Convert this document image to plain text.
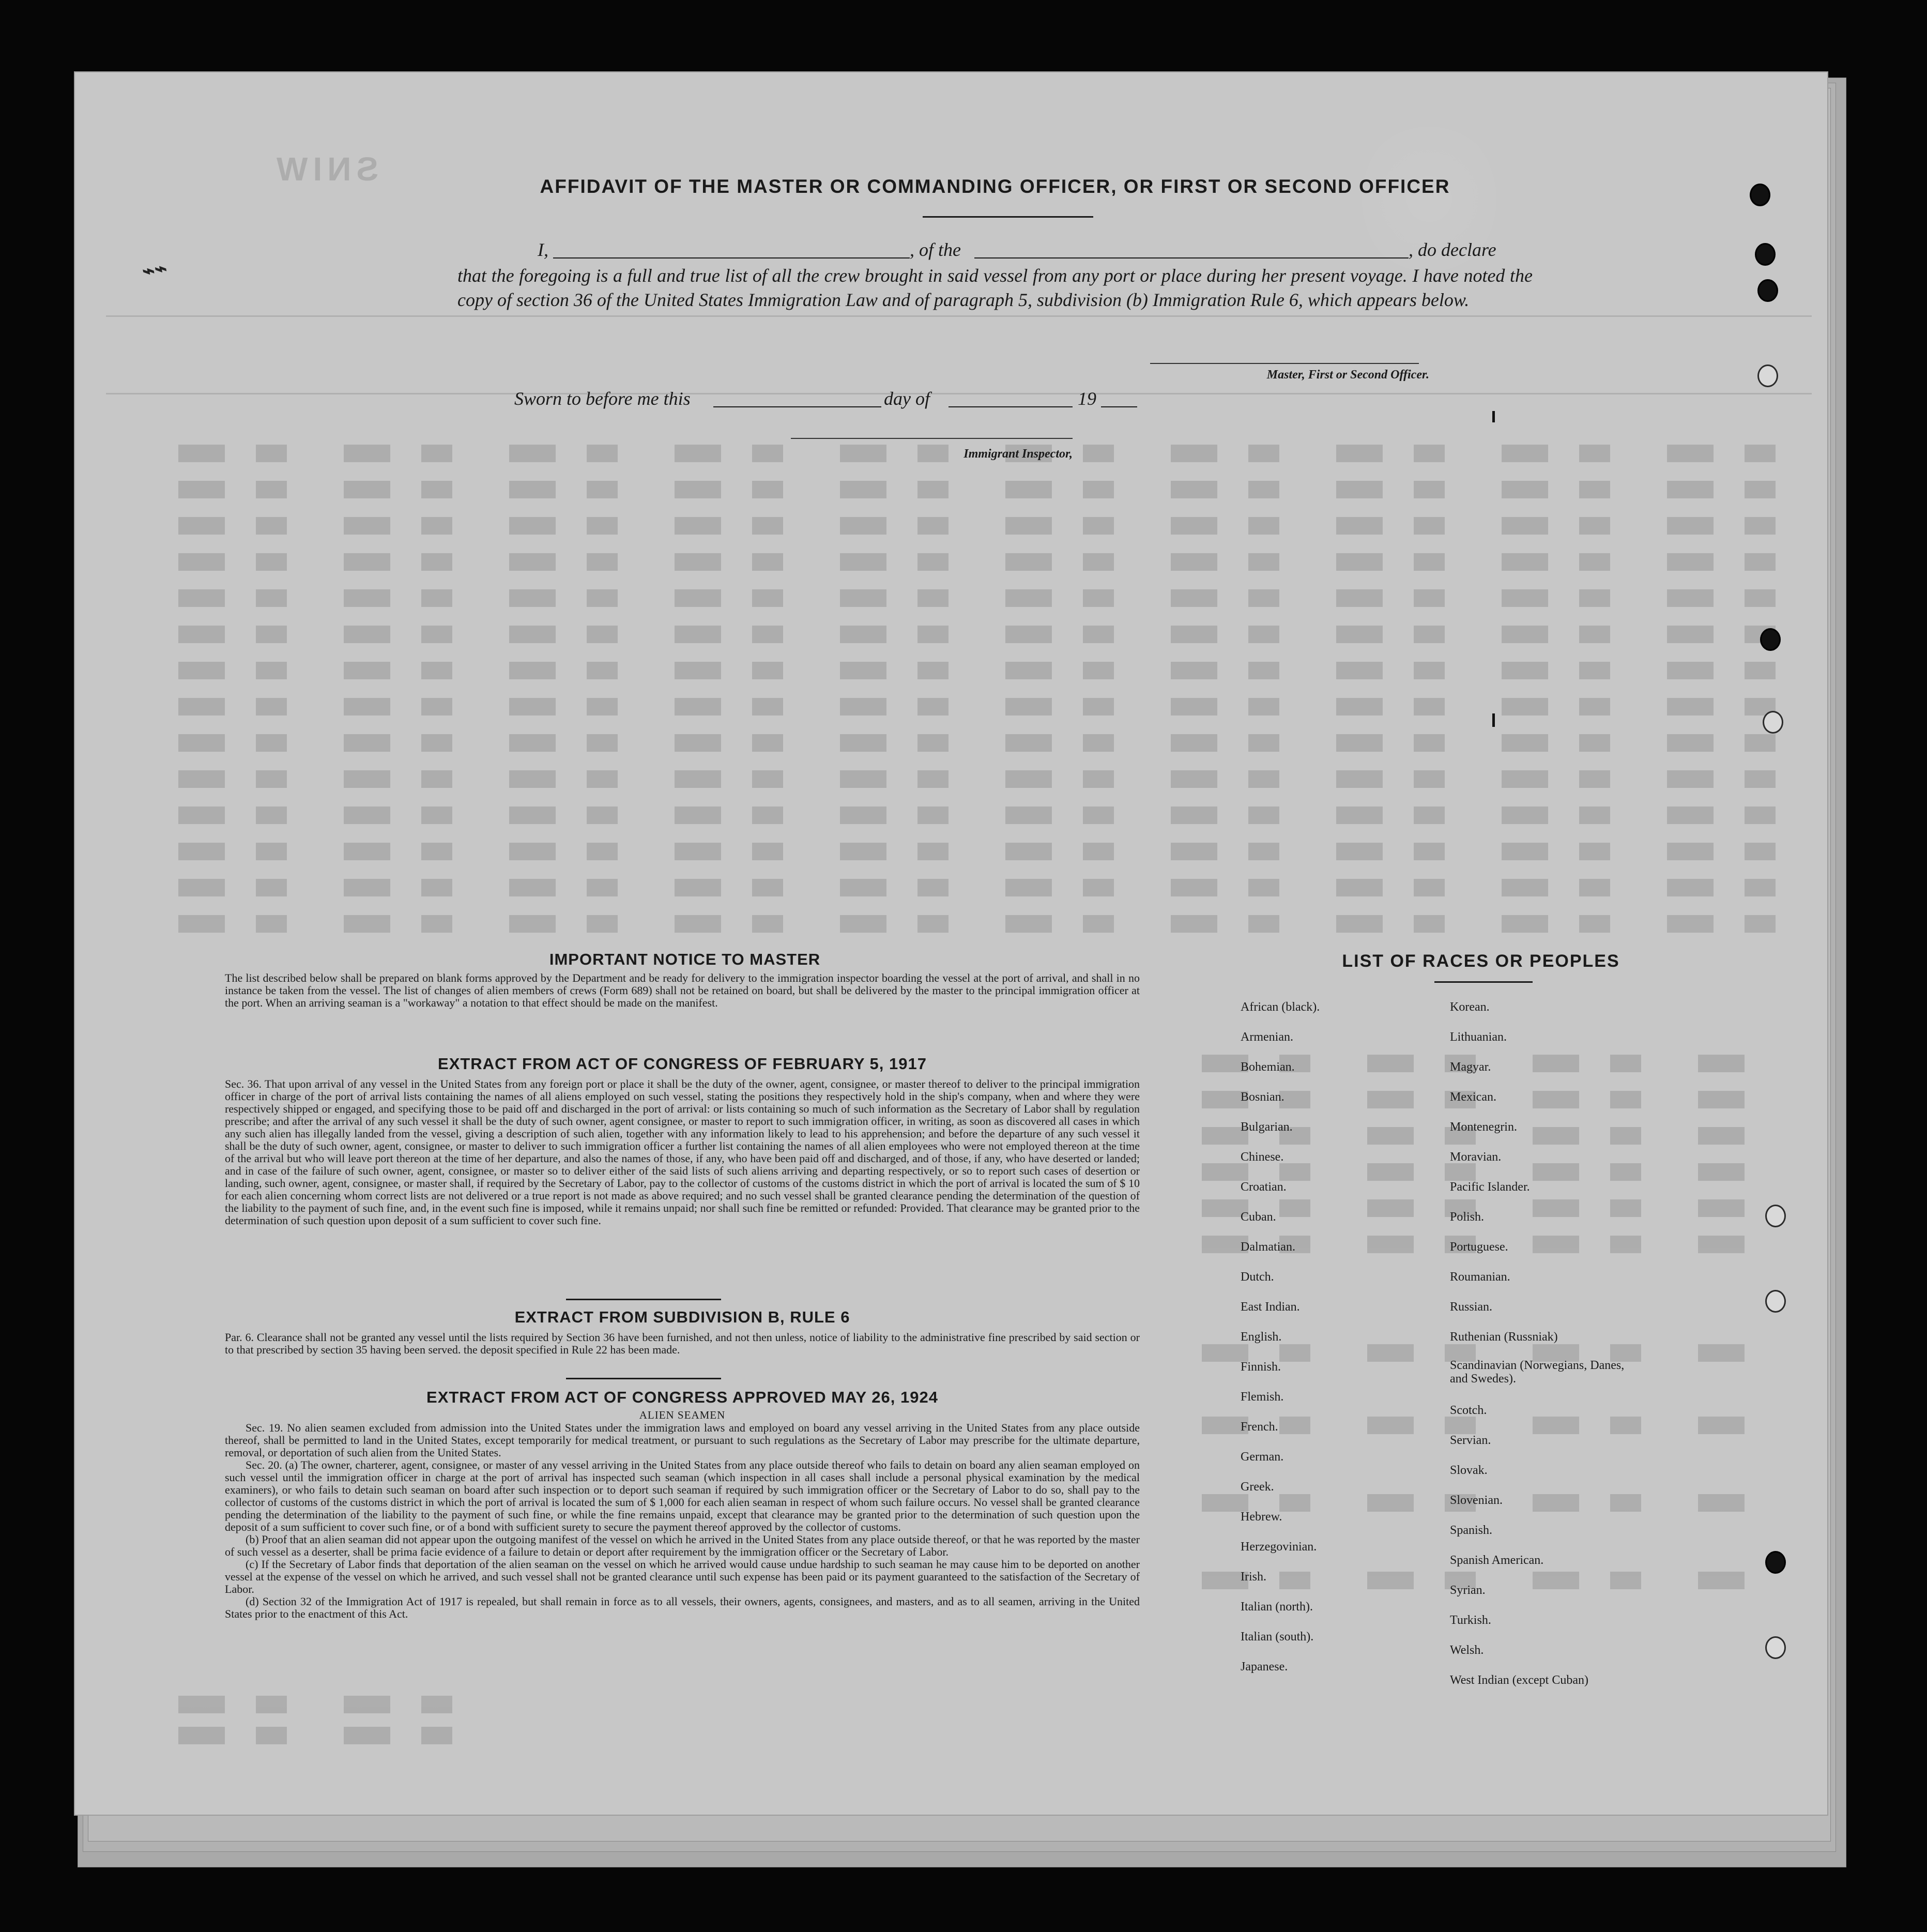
SNIW
⌁⌁
AFFIDAVIT OF THE MASTER OR COMMANDING OFFICER, OR FIRST OR SECOND OFFICER
I,	, of the	, do declare
that the foregoing is a full and true list of all the crew brought in said vessel from any port or place during her present voyage. I have noted the copy of section 36 of the United States Immigration Law and of paragraph 5, subdivision (b) Immigration Rule 6, which appears below.
Master, First or Second Officer.
Sworn to before me this	day of	19
Immigrant Inspector,
IMPORTANT NOTICE TO MASTER
The list described below shall be prepared on blank forms approved by the Department and be ready for delivery to the immigration inspector boarding the vessel at the port of arrival, and shall in no instance be taken from the vessel. The list of changes of alien members of crews (Form 689) shall not be retained on board, but shall be delivered by the master to the principal immigration officer at the port. When an arriving seaman is a "workaway" a notation to that effect should be made on the manifest.
EXTRACT FROM ACT OF CONGRESS OF FEBRUARY 5, 1917
Sec. 36. That upon arrival of any vessel in the United States from any foreign port or place it shall be the duty of the owner, agent, consignee, or master thereof to deliver to the principal immigration officer in charge of the port of arrival lists containing the names of all aliens employed on such vessel, stating the positions they respectively hold in the ship's company, when and where they were respectively shipped or engaged, and specifying those to be paid off and discharged in the port of arrival: or lists containing so much of such information as the Secretary of Labor shall by regulation prescribe; and after the arrival of any such vessel it shall be the duty of such owner, agent consignee, or master to report to such immigration officer, in writing, as soon as discovered all cases in which any such alien has illegally landed from the vessel, giving a description of such alien, together with any information likely to lead to his apprehension; and before the departure of any such vessel it shall be the duty of such owner, agent, consignee, or master to deliver to such immigration officer a further list containing the names of all alien employees who were not employed thereon at the time of the arrival but who will leave port thereon at the time of her departure, and also the names of those, if any, who have been paid off and discharged, and of those, if any, who have deserted or landed; and in case of the failure of such owner, agent, consignee, or master so to deliver either of the said lists of such aliens arriving and departing respectively, or so to report such cases of desertion or landing, such owner, agent, consignee, or master shall, if required by the Secretary of Labor, pay to the collector of customs of the customs district in which the port of arrival is located the sum of $ 10 for each alien concerning whom correct lists are not delivered or a true report is not made as above required; and no such vessel shall be granted clearance pending the determination of the question of the liability to the payment of such fine, and, in the event such fine is imposed, while it remains unpaid; nor shall such fine be remitted or refunded: Provided. That clearance may be granted prior to the determination of such question upon deposit of a sum sufficient to cover such fine.
EXTRACT FROM SUBDIVISION B, RULE 6
Par. 6. Clearance shall not be granted any vessel until the lists required by Section 36 have been furnished, and not then unless, notice of liability to the administrative fine prescribed by said section or to that prescribed by section 35 having been served. the deposit specified in Rule 22 has been made.
EXTRACT FROM ACT OF CONGRESS APPROVED MAY 26, 1924
ALIEN SEAMEN

Sec. 19. No alien seamen excluded from admission into the United States under the immigration laws and employed on board any vessel arriving in the United States from any place outside thereof, shall be permitted to land in the United States, except temporarily for medical treatment, or pursuant to such regulations as the Secretary of Labor may prescribe for the ultimate departure, removal, or deportation of such alien from the United States.

Sec. 20. (a) The owner, charterer, agent, consignee, or master of any vessel arriving in the United States from any place outside thereof who fails to detain on board any alien seaman employed on such vessel until the immigration officer in charge at the port of arrival has inspected such seaman (which inspection in all cases shall include a personal physical examination by the medical examiners), or who fails to detain such seaman on board after such inspection or to deport such seaman if required by such immigration officer or the Secretary of Labor to do so, shall pay to the collector of customs of the customs district in which the port of arrival is located the sum of $ 1,000 for each alien seaman in respect of whom such failure occurs. No vessel shall be granted clearance pending the determination of the liability to the payment of such fine, or while the fine remains unpaid, except that clearance may be granted prior to the determination of such question upon the deposit of a sum sufficient to cover such fine, or of a bond with sufficient surety to secure the payment thereof approved by the collector of customs.

(b) Proof that an alien seaman did not appear upon the outgoing manifest of the vessel on which he arrived in the United States from any place outside thereof, or that he was reported by the master of such vessel as a deserter, shall be prima facie evidence of a failure to detain or deport after requirement by the immigration officer or the Secretary of Labor.

(c) If the Secretary of Labor finds that deportation of the alien seaman on the vessel on which he arrived would cause undue hardship to such seaman he may cause him to be deported on another vessel at the expense of the vessel on which he arrived, and such vessel shall not be granted clearance until such expense has been paid or its payment guaranteed to the satisfaction of the Secretary of Labor.

(d) Section 32 of the Immigration Act of 1917 is repealed, but shall remain in force as to all vessels, their owners, agents, consignees, and masters, and as to all seamen, arriving in the United States prior to the enactment of this Act.

LIST OF RACES OR PEOPLES
African (black).
Armenian.
Bohemian.
Bosnian.
Bulgarian.
Chinese.
Croatian.
Cuban.
Dalmatian.
Dutch.
East Indian.
English.
Finnish.
Flemish.
French.
German.
Greek.
Hebrew.
Herzegovinian.
Irish.
Italian (north).
Italian (south).
Japanese.
Korean.
Lithuanian.
Magyar.
Mexican.
Montenegrin.
Moravian.
Pacific Islander.
Polish.
Portuguese.
Roumanian.
Russian.
Ruthenian (Russniak)
Scandinavian (Norwegians, Danes, and Swedes).
Scotch.
Servian.
Slovak.
Slovenian.
Spanish.
Spanish American.
Syrian.
Turkish.
Welsh.
West Indian (except Cuban)
